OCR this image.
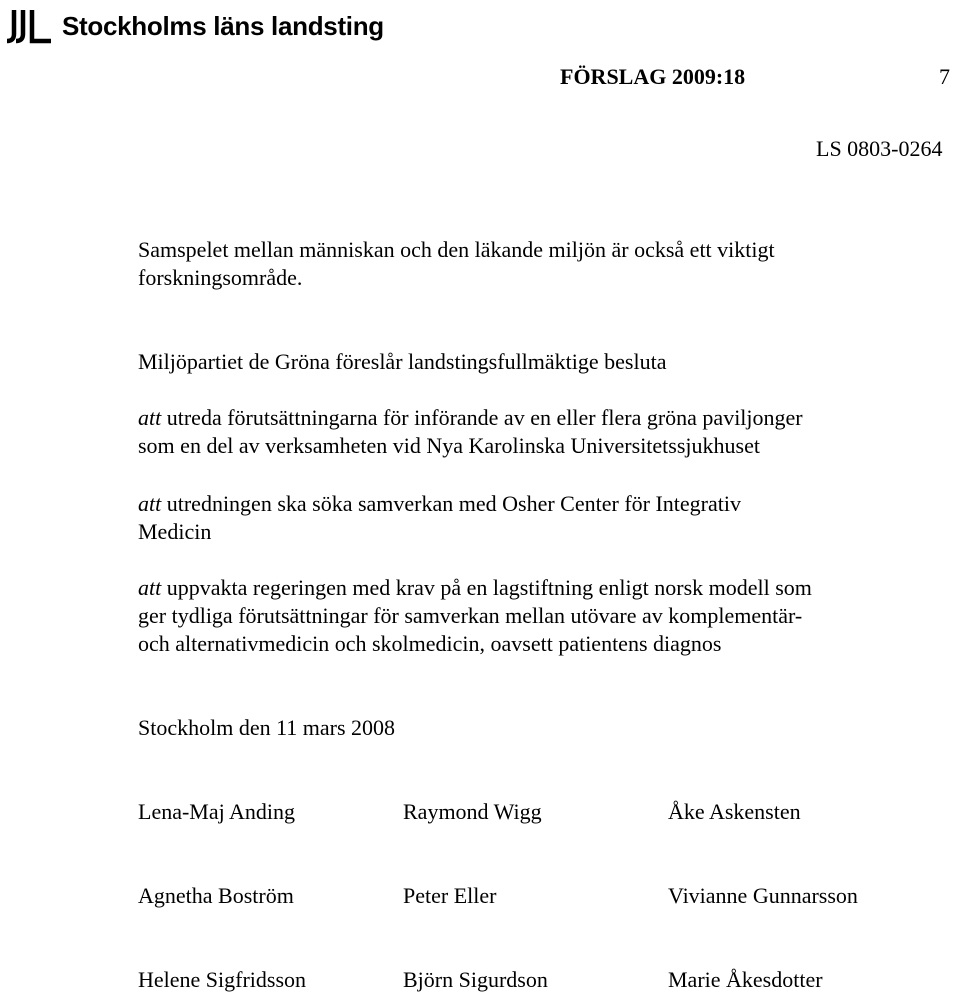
Stockholms läns landsting
FÖRSLAG 2009:18	7
LS 0803-0264
Samspelet mellan människan och den läkande miljön är också ett viktigt
forskningsområde.
Miljöpartiet de Gröna föreslår landstingsfullmäktige besluta
att utreda förutsättningarna för införande av en eller flera gröna paviljonger
som en del av verksamheten vid Nya Karolinska Universitetssjukhuset
att utredningen ska söka samverkan med Osher Center för Integrativ
Medicin
att uppvakta regeringen med krav på en lagstiftning enligt norsk modell som
ger tydliga förutsättningar för samverkan mellan utövare av komplementär-
och alternativmedicin och skolmedicin, oavsett patientens diagnos
Stockholm den 11 mars 2008
Lena-Maj Anding	Raymond Wigg	Åke Askensten
Agnetha Boström	Peter Eller	Vivianne Gunnarsson
Helene Sigfridsson	Björn Sigurdson	Marie Åkesdotter
